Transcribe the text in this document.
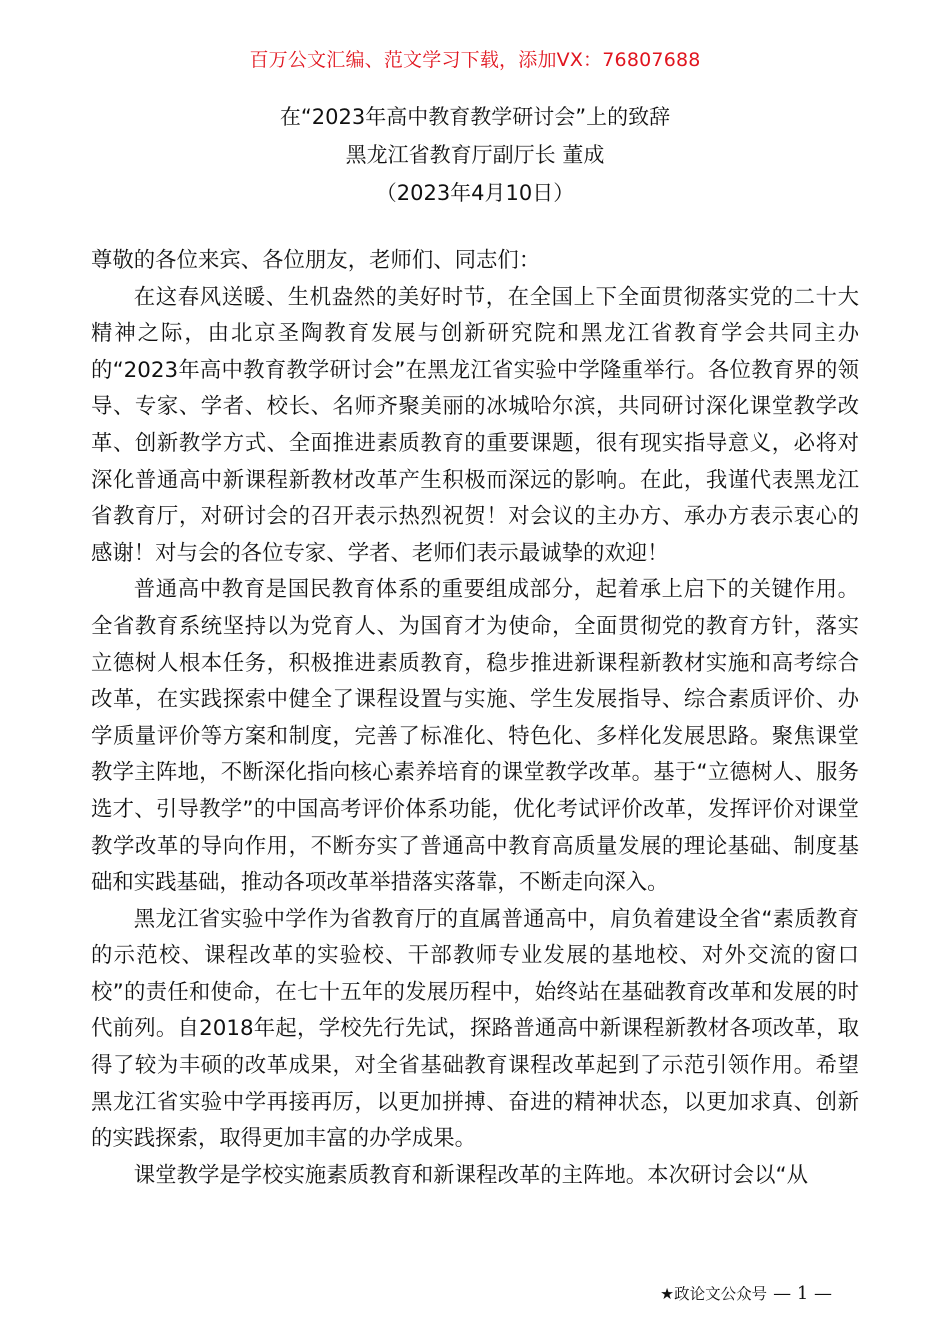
百万公文汇编、范文学习下载，添加VX：76807688
在“2023年高中教育教学研讨会”上的致辞
黑龙江省教育厅副厅长 董成
（2023年4月10日）

尊敬的各位来宾、各位朋友，老师们、同志们：

在这春风送暖、生机盎然的美好时节，在全国上下全面贯彻落实党的二十大精神之际，由北京圣陶教育发展与创新研究院和黑龙江省教育学会共同主办的“2023年高中教育教学研讨会”在黑龙江省实验中学隆重举行。各位教育界的领导、专家、学者、校长、名师齐聚美丽的冰城哈尔滨，共同研讨深化课堂教学改革、创新教学方式、全面推进素质教育的重要课题，很有现实指导意义，必将对深化普通高中新课程新教材改革产生积极而深远的影响。在此，我谨代表黑龙江省教育厅，对研讨会的召开表示热烈祝贺！对会议的主办方、承办方表示衷心的感谢！对与会的各位专家、学者、老师们表示最诚挚的欢迎！

普通高中教育是国民教育体系的重要组成部分，起着承上启下的关键作用。全省教育系统坚持以为党育人、为国育才为使命，全面贯彻党的教育方针，落实立德树人根本任务，积极推进素质教育，稳步推进新课程新教材实施和高考综合改革，在实践探索中健全了课程设置与实施、学生发展指导、综合素质评价、办学质量评价等方案和制度，完善了标准化、特色化、多样化发展思路。聚焦课堂教学主阵地，不断深化指向核心素养培育的课堂教学改革。基于“立德树人、服务选才、引导教学”的中国高考评价体系功能，优化考试评价改革，发挥评价对课堂教学改革的导向作用，不断夯实了普通高中教育高质量发展的理论基础、制度基础和实践基础，推动各项改革举措落实落靠，不断走向深入。

黑龙江省实验中学作为省教育厅的直属普通高中，肩负着建设全省“素质教育的示范校、课程改革的实验校、干部教师专业发展的基地校、对外交流的窗口校”的责任和使命，在七十五年的发展历程中，始终站在基础教育改革和发展的时代前列。自2018年起，学校先行先试，探路普通高中新课程新教材各项改革，取得了较为丰硕的改革成果，对全省基础教育课程改革起到了示范引领作用。希望黑龙江省实验中学再接再厉，以更加拼搏、奋进的精神状态，以更加求真、创新的实践探索，取得更加丰富的办学成果。

课堂教学是学校实施素质教育和新课程改革的主阵地。本次研讨会以“从

★政论文公众号 — 1 —
